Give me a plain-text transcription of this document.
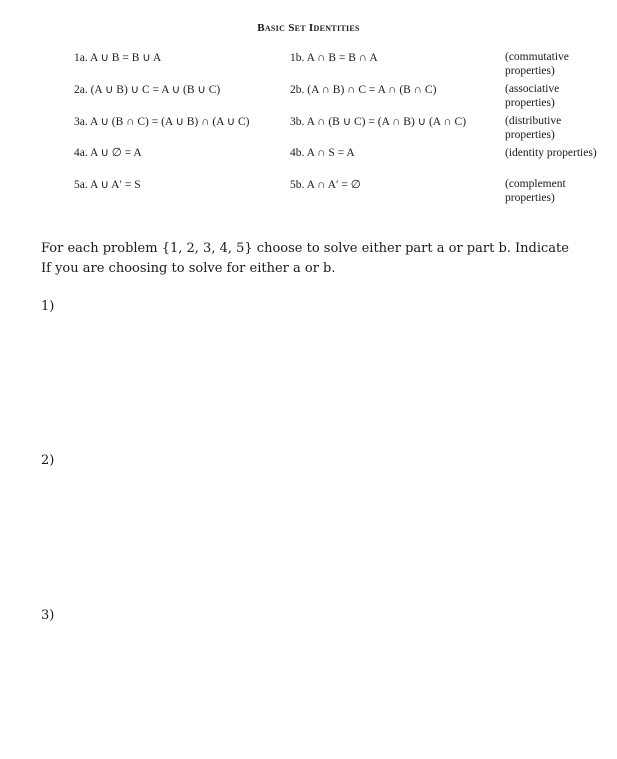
Basic Set Identities
1a. A ∪ B = B ∪ A	1b. A ∩ B = B ∩ A	(commutative properties)
2a. (A ∪ B) ∪ C = A ∪ (B ∪ C)	2b. (A ∩ B) ∩ C = A ∩ (B ∩ C)	(associative properties)
3a. A ∪ (B ∩ C) = (A ∪ B) ∩ (A ∪ C)	3b. A ∩ (B ∪ C) = (A ∩ B) ∪ (A ∩ C)	(distributive properties)
4a. A ∪ ∅ = A	4b. A ∩ S = A	(identity properties)
5a. A ∪ A′ = S	5b. A ∩ A′ = ∅	(complement properties)
For each problem {1, 2, 3, 4, 5} choose to solve either part a or part b. Indicate If you are choosing to solve for either a or b.
1)
2)
3)
